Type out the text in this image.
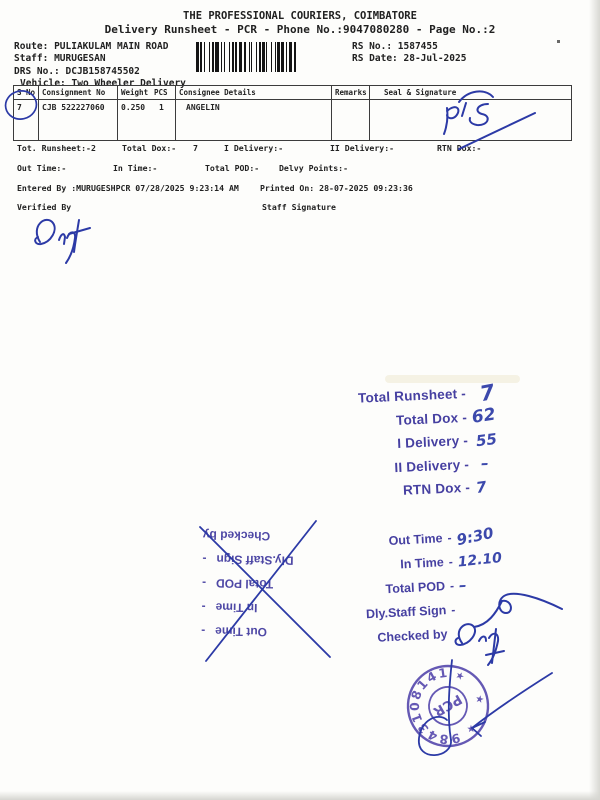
THE PROFESSIONAL COURIERS, COIMBATORE
Delivery Runsheet - PCR - Phone No.:9047080280 - Page No.:2
Route: PULIAKULAM MAIN ROAD
Staff: MURUGESAN
DRS No.: DCJB158745502
Vehicle: Two Wheeler Delivery
RS No.: 1587455
RS Date: 28-Jul-2025
S No Consignment No	Weight PCS	Consignee Details	Remarks	Seal & Signature
7	CJB 522227060	0.250	1	ANGELIN
Tot. Runsheet:- 2	Total Dox:- 7	I Delivery:-	II Delivery:-	RTN Dox:-
Out Time:-	In Time:-	Total POD:- Delvy Points:-
Entered By :MURUGESHPCR 07/28/2025 9:23:14 AM	Printed On: 28-07-2025 09:23:36
Verified By	Staff Signature
Total Runsheet - 7
Total Dox - 62
I Delivery - 55
II Delivery - –
RTN Dox - 7
Out Time
-
In Time
-
Total POD
-
Dly.Staff Sign
-
Checked by	Out Time - 9:30
In Time - 12.10
Total POD - –
Dly.Staff Sign -
Checked by
9843108141 ★ ★ ★
PCR
